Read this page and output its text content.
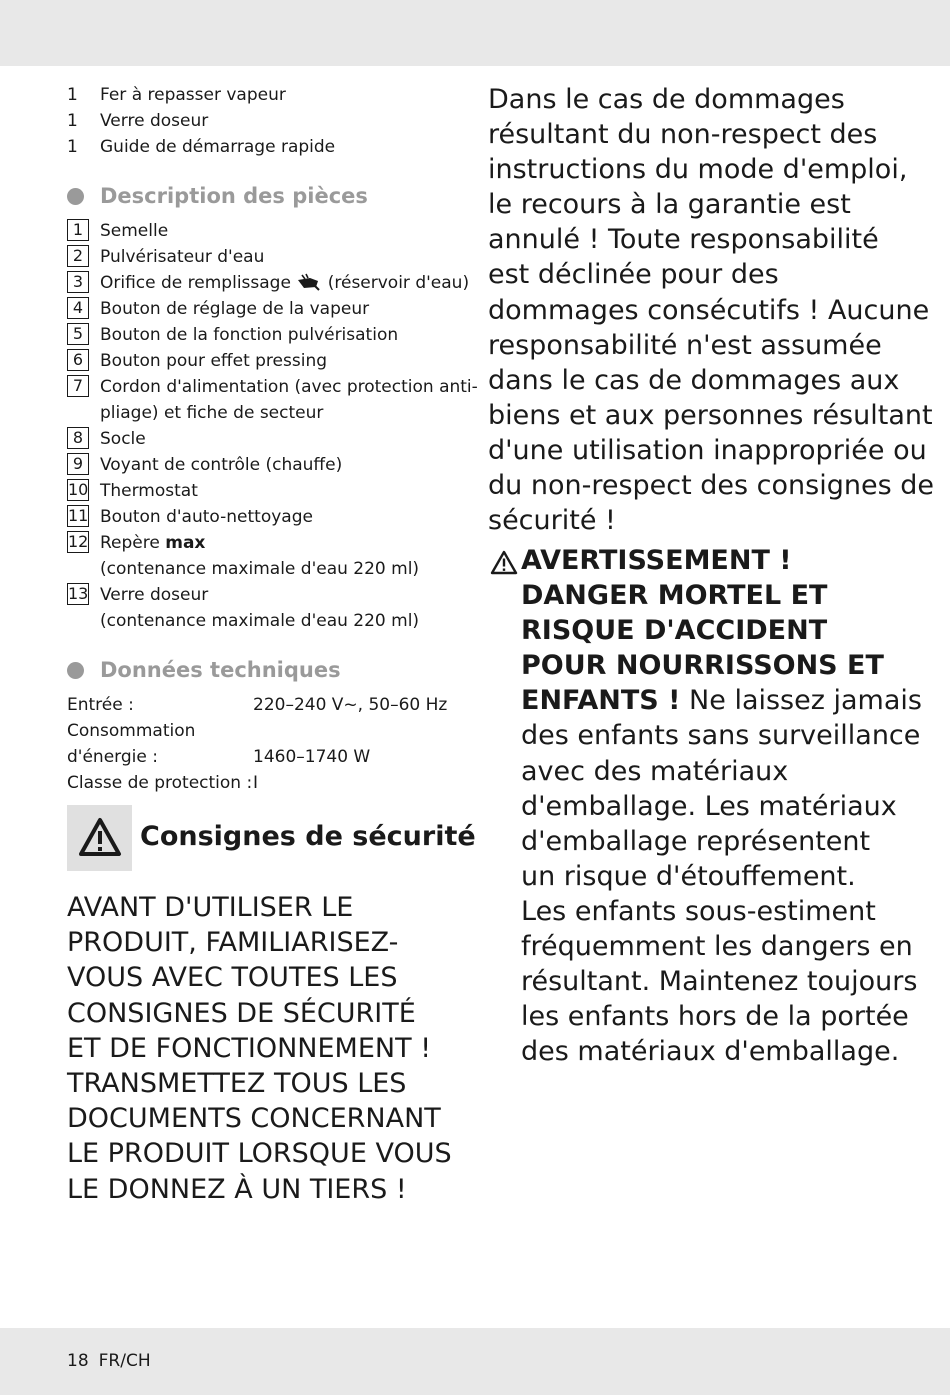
1 Fer à repasser vapeur
1 Verre doseur
1 Guide de démarrage rapide
Description des pièces
1 Semelle
2 Pulvérisateur d'eau
3 Orifice de remplissage (réservoir d'eau)
4 Bouton de réglage de la vapeur
5 Bouton de la fonction pulvérisation
6 Bouton pour effet pressing
7 Cordon d'alimentation (avec protection anti-
pliage) et fiche de secteur
8 Socle
9 Voyant de contrôle (chauffe)
10 Thermostat
11 Bouton d'auto-nettoyage
12 Repère max
(contenance maximale d'eau 220 ml)
13 Verre doseur
(contenance maximale d'eau 220 ml)
Données techniques
Entrée :	220–240 V~, 50–60 Hz
Consommation
d'énergie :	1460–1740 W
Classe de protection : I
Consignes de sécurité
AVANT D'UTILISER LE
PRODUIT, FAMILIARISEZ-
VOUS AVEC TOUTES LES
CONSIGNES DE SÉCURITÉ
ET DE FONCTIONNEMENT !
TRANSMETTEZ TOUS LES
DOCUMENTS CONCERNANT
LE PRODUIT LORSQUE VOUS
LE DONNEZ À UN TIERS !
Dans le cas de dommages
résultant du non-respect des
instructions du mode d'emploi,
le recours à la garantie est
annulé ! Toute responsabilité
est déclinée pour des
dommages consécutifs ! Aucune
responsabilité n'est assumée
dans le cas de dommages aux
biens et aux personnes résultant
d'une utilisation inappropriée ou
du non-respect des consignes de
sécurité !
AVERTISSEMENT !
DANGER MORTEL ET
RISQUE D'ACCIDENT
POUR NOURRISSONS ET
ENFANTS ! Ne laissez jamais
des enfants sans surveillance
avec des matériaux
d'emballage. Les matériaux
d'emballage représentent
un risque d'étouffement.
Les enfants sous-estiment
fréquemment les dangers en
résultant. Maintenez toujours
les enfants hors de la portée
des matériaux d'emballage.
18 FR/CH
